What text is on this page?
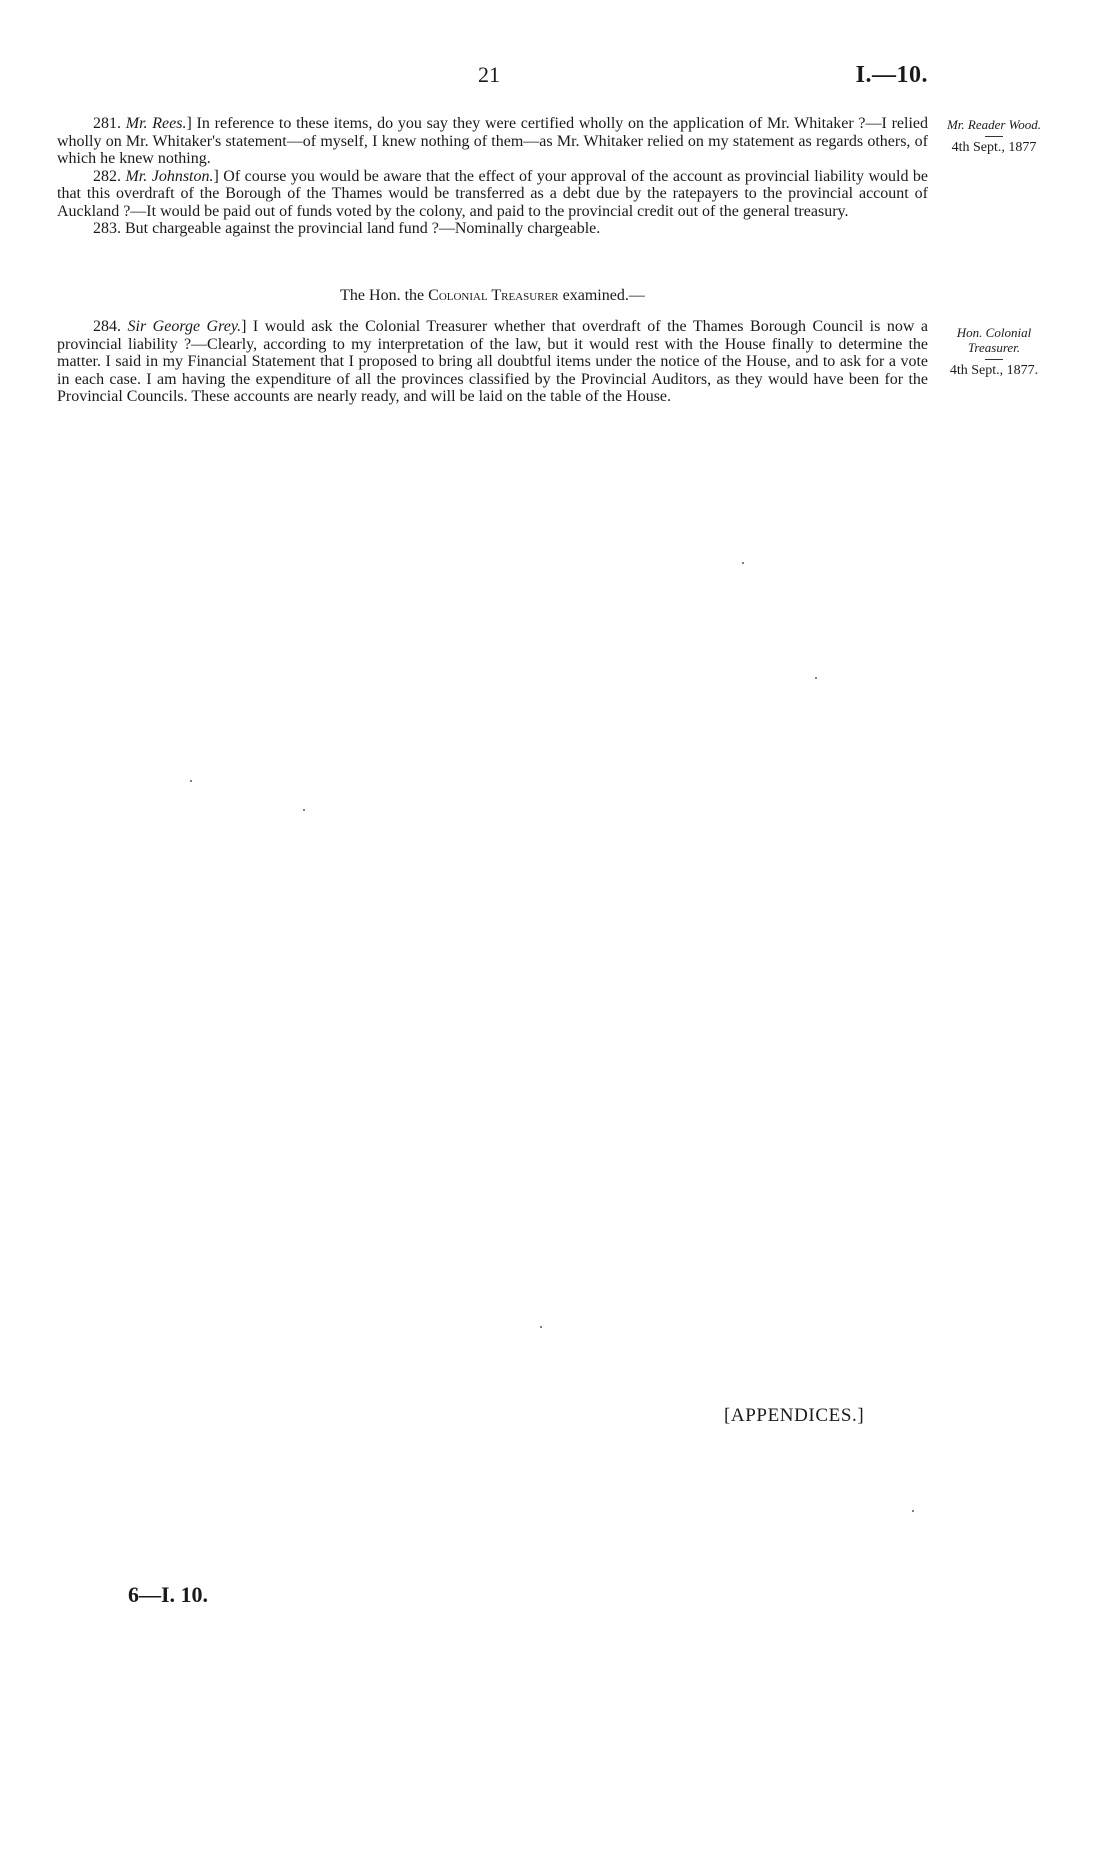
21	I.—10.

281. Mr. Rees.] In reference to these items, do you say they were certified wholly on the application of Mr. Whitaker ?—I relied wholly on Mr. Whitaker's statement—of myself, I knew nothing of them—as Mr. Whitaker relied on my statement as regards others, of which he knew nothing.

282. Mr. Johnston.] Of course you would be aware that the effect of your approval of the account as provincial liability would be that this overdraft of the Borough of the Thames would be transferred as a debt due by the ratepayers to the provincial account of Auckland ?—It would be paid out of funds voted by the colony, and paid to the provincial credit out of the general treasury.

283. But chargeable against the provincial land fund ?—Nominally chargeable.

The Hon. the Colonial Treasurer examined.—

284. Sir George Grey.] I would ask the Colonial Treasurer whether that overdraft of the Thames Borough Council is now a provincial liability ?—Clearly, according to my interpretation of the law, but it would rest with the House finally to determine the matter. I said in my Financial Statement that I proposed to bring all doubtful items under the notice of the House, and to ask for a vote in each case. I am having the expenditure of all the provinces classified by the Provincial Auditors, as they would have been for the Provincial Councils. These accounts are nearly ready, and will be laid on the table of the House.

Mr. Reader Wood.
4th Sept., 1877
Hon. Colonial Treasurer.
4th Sept., 1877.
[APPENDICES.]
6—I. 10.
